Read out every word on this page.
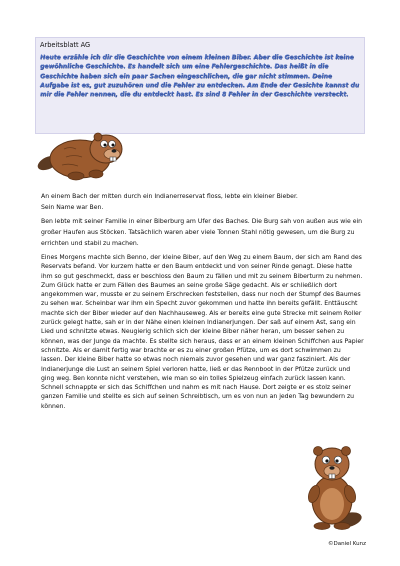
Arbeitsblatt AG

Heute erzähle ich dir die Geschichte von einem kleinen Biber. Aber die Geschichte ist keine gewöhnliche Geschichte. Es handelt sich um eine Fehlergeschichte. Das heißt in die Geschichte haben sich ein paar Sachen eingeschlichen, die gar nicht stimmen. Deine Aufgabe ist es, gut zuzuhören und die Fehler zu entdecken. Am Ende der Gesichte kannst du mir die Fehler nennen, die du entdeckt hast. Es sind 8 Fehler in der Geschichte versteckt.

An einem Bach der mitten durch ein Indianerreservat floss, lebte ein kleiner Bieber.

Sein Name war Ben.

Ben lebte mit seiner Familie in einer Biberburg am Ufer des Baches. Die Burg sah von außen aus wie ein großer Haufen aus Stöcken. Tatsächlich waren aber viele Tonnen Stahl nötig gewesen, um die Burg zu errichten und stabil zu machen.

Eines Morgens machte sich Benno, der kleine Biber, auf den Weg zu einem Baum, der sich am Rand des Reservats befand. Vor kurzem hatte er den Baum entdeckt und von seiner Rinde genagt. Diese hatte ihm so gut geschmeckt, dass er beschloss den Baum zu fällen und mit zu seinem Biberturm zu nehmen. Zum Glück hatte er zum Fällen des Baumes an seine große Säge gedacht. Als er schließlich dort angekommen war, musste er zu seinem Erschrecken feststellen, dass nur noch der Stumpf des Baumes zu sehen war. Scheinbar war ihm ein Specht zuvor gekommen und hatte ihn bereits gefällt. Enttäuscht machte sich der Biber wieder auf den Nachhauseweg. Als er bereits eine gute Strecke mit seinem Roller zurück gelegt hatte, sah er in der Nähe einen kleinen Indianerjungen. Der saß auf einem Ast, sang ein Lied und schnitzte etwas. Neugierig schlich sich der kleine Biber näher heran, um besser sehen zu können, was der Junge da machte. Es stellte sich heraus, dass er an einem kleinen Schiffchen aus Papier schnitzte. Als er damit fertig war brachte er es zu einer großen Pfütze, um es dort schwimmen zu lassen. Der kleine Biber hatte so etwas noch niemals zuvor gesehen und war ganz fasziniert. Als der Indianerjunge die Lust an seinem Spiel verloren hatte, ließ er das Rennboot in der Pfütze zurück und ging weg. Ben konnte nicht verstehen, wie man so ein tolles Spielzeug einfach zurück lassen kann. Schnell schnappte er sich das Schiffchen und nahm es mit nach Hause. Dort zeigte er es stolz seiner ganzen Familie und stellte es sich auf seinen Schreibtisch, um es von nun an jeden Tag bewundern zu können.

©Daniel Kunz
